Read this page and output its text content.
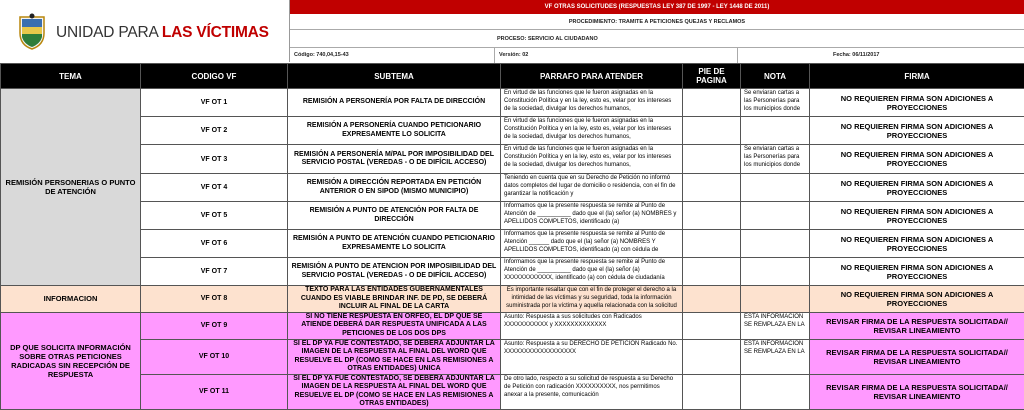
UNIDAD PARA LAS VÍCTIMAS
VF OTRAS SOLICITUDES (RESPUESTAS LEY 387 DE 1997 - LEY 1448 DE 2011)
PROCEDIMIENTO: TRAMITE A PETICIONES QUEJAS Y RECLAMOS
PROCESO: SERVICIO AL CIUDADANO
Código: 740,04,15-43	Versión: 02	Fecha: 06/11/2017
TEMA	CODIGO VF	SUBTEMA	PARRAFO PARA ATENDER	PIE DE PAGINA	NOTA	FIRMA
REMISIÓN PERSONERIAS O PUNTO DE ATENCIÓN	VF OT 1	REMISIÓN A PERSONERÍA POR FALTA DE DIRECCIÓN	En virtud de las funciones que le fueron asignadas en la Constitución Política y en la ley, esto es, velar por los intereses de la sociedad, divulgar los derechos humanos,		Se enviaran cartas a las Personerías para los municipios donde	NO REQUIEREN FIRMA SON ADICIONES A PROYECCIONES
	VF OT 2	REMISIÓN A PERSONERÍA CUANDO PETICIONARIO EXPRESAMENTE LO SOLICITA	En virtud de las funciones que le fueron asignadas en la Constitución Política y en la ley, esto es, velar por los intereses de la sociedad, divulgar los derechos humanos,			NO REQUIEREN FIRMA SON ADICIONES A PROYECCIONES
	VF OT 3	REMISIÓN A PERSONERÍA M/PAL POR IMPOSIBILIDAD DEL SERVICIO POSTAL (VEREDAS - O DE DIFÍCIL ACCESO)	En virtud de las funciones que le fueron asignadas en la Constitución Política y en la ley, esto es, velar por los intereses de la sociedad, divulgar los derechos humanos,		Se enviaran cartas a las Personerías para los municipios donde	NO REQUIEREN FIRMA SON ADICIONES A PROYECCIONES
	VF OT 4	REMISIÓN A DIRECCIÓN REPORTADA EN PETICIÓN ANTERIOR O EN SIPOD (MISMO MUNICIPIO)	Teniendo en cuenta que en su Derecho de Petición no informó datos completos del lugar de domicilio o residencia, con el fin de garantizar la notificación y			NO REQUIEREN FIRMA SON ADICIONES A PROYECCIONES
	VF OT 5	REMISIÓN A PUNTO DE ATENCIÓN POR FALTA DE DIRECCIÓN	Informamos que la presente respuesta se remite al Punto de Atención de __________ dado que el (la) señor (a) NOMBRES y APELLIDOS COMPLETOS, identificado (a)			NO REQUIEREN FIRMA SON ADICIONES A PROYECCIONES
	VF OT 6	REMISIÓN A PUNTO DE ATENCIÓN CUANDO PETICIONARIO EXPRESAMENTE LO SOLICITA	Informamos que la presente respuesta se remite al Punto de Atención ______ dado que el (la) señor (a) NOMBRES Y APELLIDOS COMPLETOS, identificado (a) con cédula de			NO REQUIEREN FIRMA SON ADICIONES A PROYECCIONES
	VF OT 7	REMISIÓN A PUNTO DE ATENCION POR IMPOSIBILIDAD DEL SERVICIO POSTAL (VEREDAS - O DE DIFÍCIL ACCESO)	Informamos que la presente respuesta se remite al Punto de Atención de __________ dado que el (la) señor (a) XXXXXXXXXXXX, identificado (a) con cédula de ciudadanía			NO REQUIEREN FIRMA SON ADICIONES A PROYECCIONES
INFORMACION	VF OT 8	TEXTO PARA LAS ENTIDADES GUBERNAMENTALES CUANDO ES VIABLE BRINDAR INF. DE PD, SE DEBERÁ INCLUIR AL FINAL DE LA CARTA	Es importante resaltar que con el fin de proteger el derecho a la intimidad de las víctimas y su seguridad, toda la información suministrada por la víctima y aquella relacionada con la solicitud			NO REQUIEREN FIRMA SON ADICIONES A PROYECCIONES
DP QUE SOLICITA INFORMACIÓN SOBRE OTRAS PETICIONES RADICADAS SIN RECEPCIÓN DE RESPUESTA	VF OT 9	SI NO TIENE RESPUESTA EN ORFEO, EL DP QUE SE ATIENDE DEBERÁ DAR RESPUESTA UNIFICADA A LAS PETICIONES DE LOS DOS DPS	Asunto: Respuesta a sus solicitudes con Radicados XXXXXXXXXXX y XXXXXXXXXXXXX		ESTA INFORMACION SE REMPLAZA EN LA	REVISAR FIRMA DE LA RESPUESTA SOLICITADA// REVISAR LINEAMIENTO
	VF OT 10	SI EL DP YA FUE CONTESTADO, SE DEBERÁ ADJUNTAR LA IMAGEN DE LA RESPUESTA AL FINAL DEL WORD QUE RESUELVE EL DP (COMO SE HACE EN LAS REMISIONES A OTRAS ENTIDADES) UNICA	Asunto: Respuesta a su DERECHO DE PETICIÓN Radicado No. XXXXXXXXXXXXXXXXXX		ESTA INFORMACION SE REMPLAZA EN LA	REVISAR FIRMA DE LA RESPUESTA SOLICITADA// REVISAR LINEAMIENTO
	VF OT 11	SI EL DP YA FUE CONTESTADO, SE DEBERÁ ADJUNTAR LA IMAGEN DE LA RESPUESTA AL FINAL DEL WORD QUE RESUELVE EL DP (COMO SE HACE EN LAS REMISIONES A OTRAS ENTIDADES)	De otro lado, respecto a su solicitud de respuesta a su Derecho de Petición con radicación XXXXXXXXXX, nos permitimos anexar a la presente, comunicación			REVISAR FIRMA DE LA RESPUESTA SOLICITADA// REVISAR LINEAMIENTO
